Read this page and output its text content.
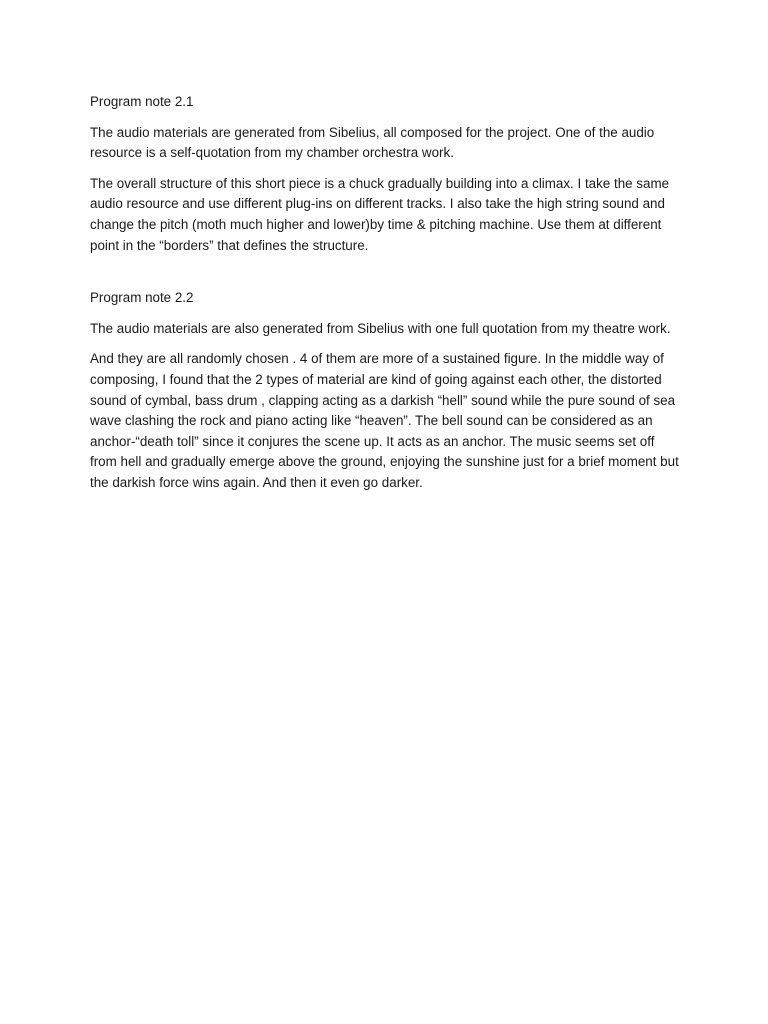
Program note 2.1

The audio materials are generated from Sibelius, all composed for the project. One of the audio resource is a self-quotation from my chamber orchestra work.

The overall structure of this short piece is a chuck gradually building into a climax. I take the same audio resource and use different plug-ins on different tracks. I also take the high string sound and change the pitch (moth much higher and lower)by time & pitching machine. Use them at different point in the “borders” that defines the structure.

Program note 2.2

The audio materials are also generated from Sibelius with one full quotation from my theatre work.

And they are all randomly chosen . 4 of them are more of a sustained figure. In the middle way of composing, I found that the 2 types of material are kind of going against each other, the distorted sound of cymbal, bass drum , clapping acting as a darkish “hell” sound while the pure sound of sea wave clashing the rock and piano acting like “heaven”. The bell sound can be considered as an anchor-“death toll” since it conjures the scene up. It acts as an anchor. The music seems set off from hell and gradually emerge above the ground, enjoying the sunshine just for a brief moment but the darkish force wins again. And then it even go darker.
